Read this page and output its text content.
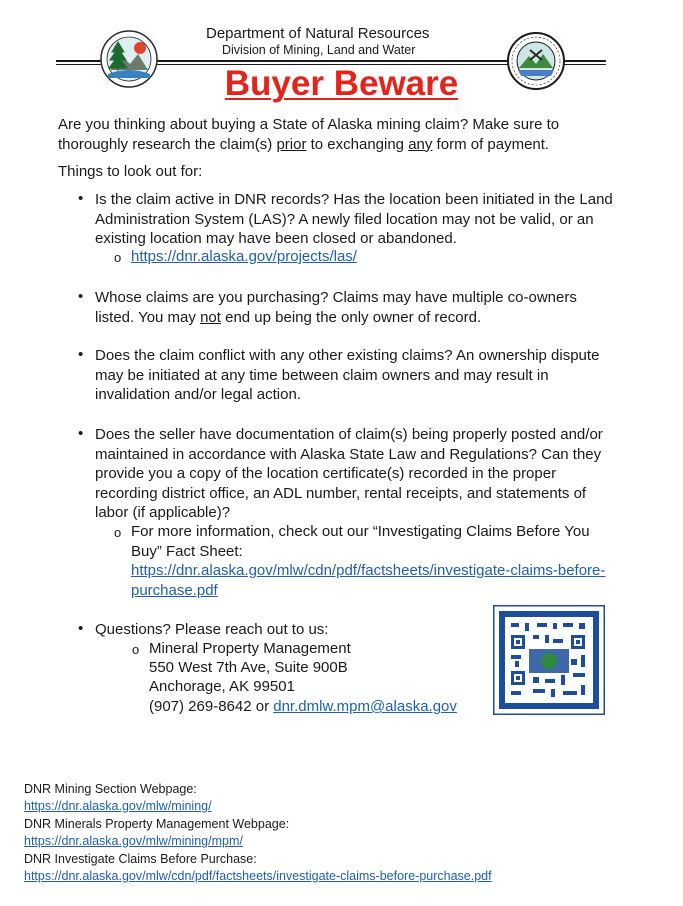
Department of Natural Resources
Division of Mining, Land and Water
Buyer Beware
Are you thinking about buying a State of Alaska mining claim? Make sure to thoroughly research the claim(s) prior to exchanging any form of payment.
Things to look out for:
• Is the claim active in DNR records? Has the location been initiated in the Land Administration System (LAS)? A newly filed location may not be valid, or an existing location may have been closed or abandoned.
o https://dnr.alaska.gov/projects/las/
• Whose claims are you purchasing? Claims may have multiple co-owners listed. You may not end up being the only owner of record.
• Does the claim conflict with any other existing claims? An ownership dispute may be initiated at any time between claim owners and may result in invalidation and/or legal action.
• Does the seller have documentation of claim(s) being properly posted and/or maintained in accordance with Alaska State Law and Regulations? Can they provide you a copy of the location certificate(s) recorded in the proper recording district office, an ADL number, rental receipts, and statements of labor (if applicable)?
o For more information, check out our “Investigating Claims Before You Buy” Fact Sheet:
https://dnr.alaska.gov/mlw/cdn/pdf/factsheets/investigate-claims-before-purchase.pdf
• Questions? Please reach out to us:
o Mineral Property Management
550 West 7th Ave, Suite 900B
Anchorage, AK 99501
(907) 269-8642 or dnr.dmlw.mpm@alaska.gov
DNR Mining Section Webpage:
https://dnr.alaska.gov/mlw/mining/
DNR Minerals Property Management Webpage:
https://dnr.alaska.gov/mlw/mining/mpm/
DNR Investigate Claims Before Purchase:
https://dnr.alaska.gov/mlw/cdn/pdf/factsheets/investigate-claims-before-purchase.pdf
